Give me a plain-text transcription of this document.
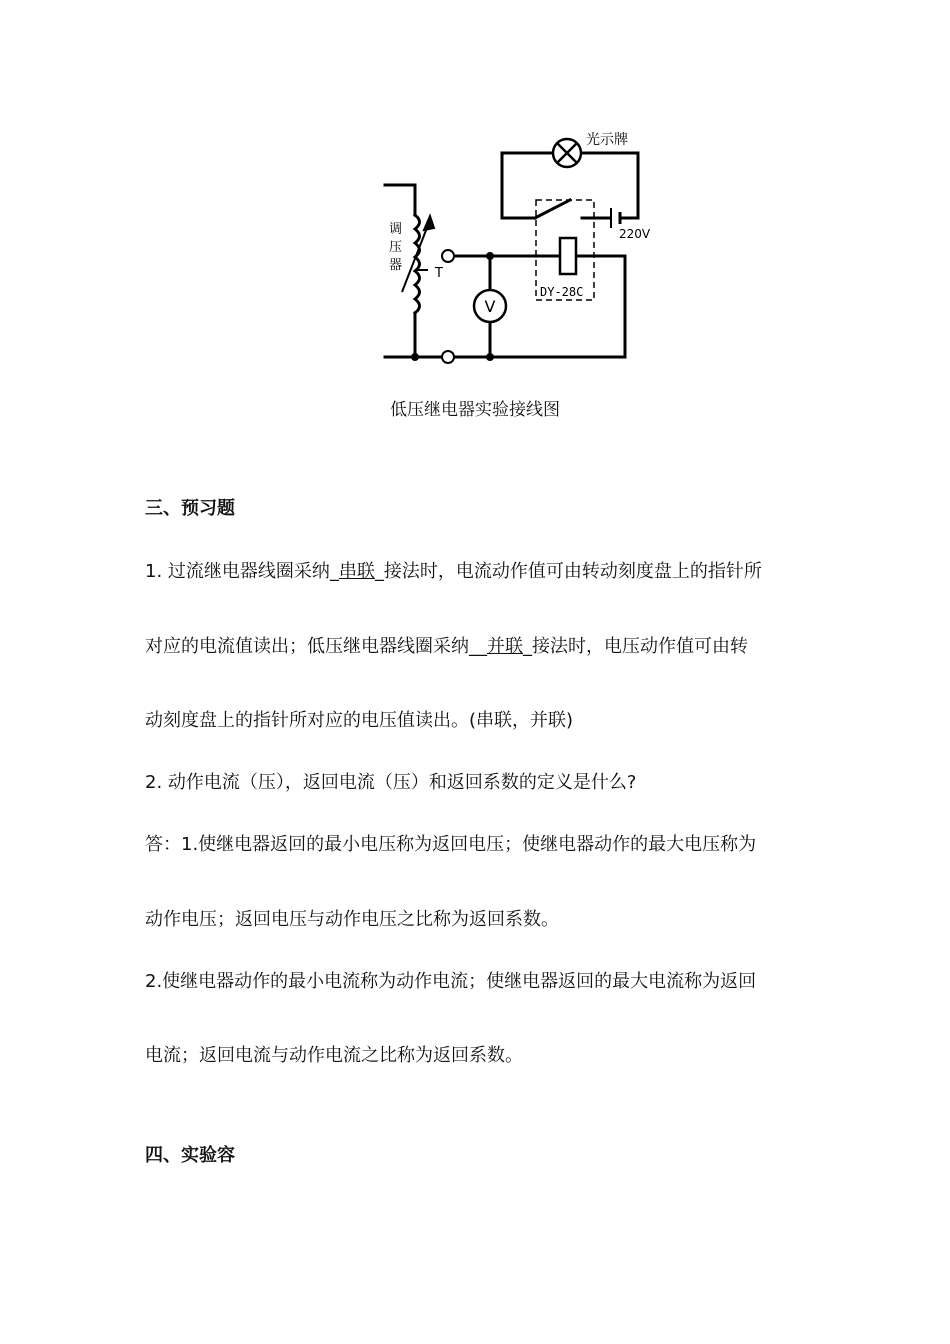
V
光示牌
DY-28C
220V
调
压
器
T
低压继电器实验接线图
三、预习题
1. 过流继电器线圈采纳_串联_接法时，电流动作值可由转动刻度盘上的指针所
对应的电流值读出；低压继电器线圈采纳__并联_接法时，电压动作值可由转
动刻度盘上的指针所对应的电压值读出。(串联，并联)
2. 动作电流（压），返回电流（压）和返回系数的定义是什么?
答：1.使继电器返回的最小电压称为返回电压；使继电器动作的最大电压称为
动作电压；返回电压与动作电压之比称为返回系数。
2.使继电器动作的最小电流称为动作电流；使继电器返回的最大电流称为返回
电流；返回电流与动作电流之比称为返回系数。
四、实验容
